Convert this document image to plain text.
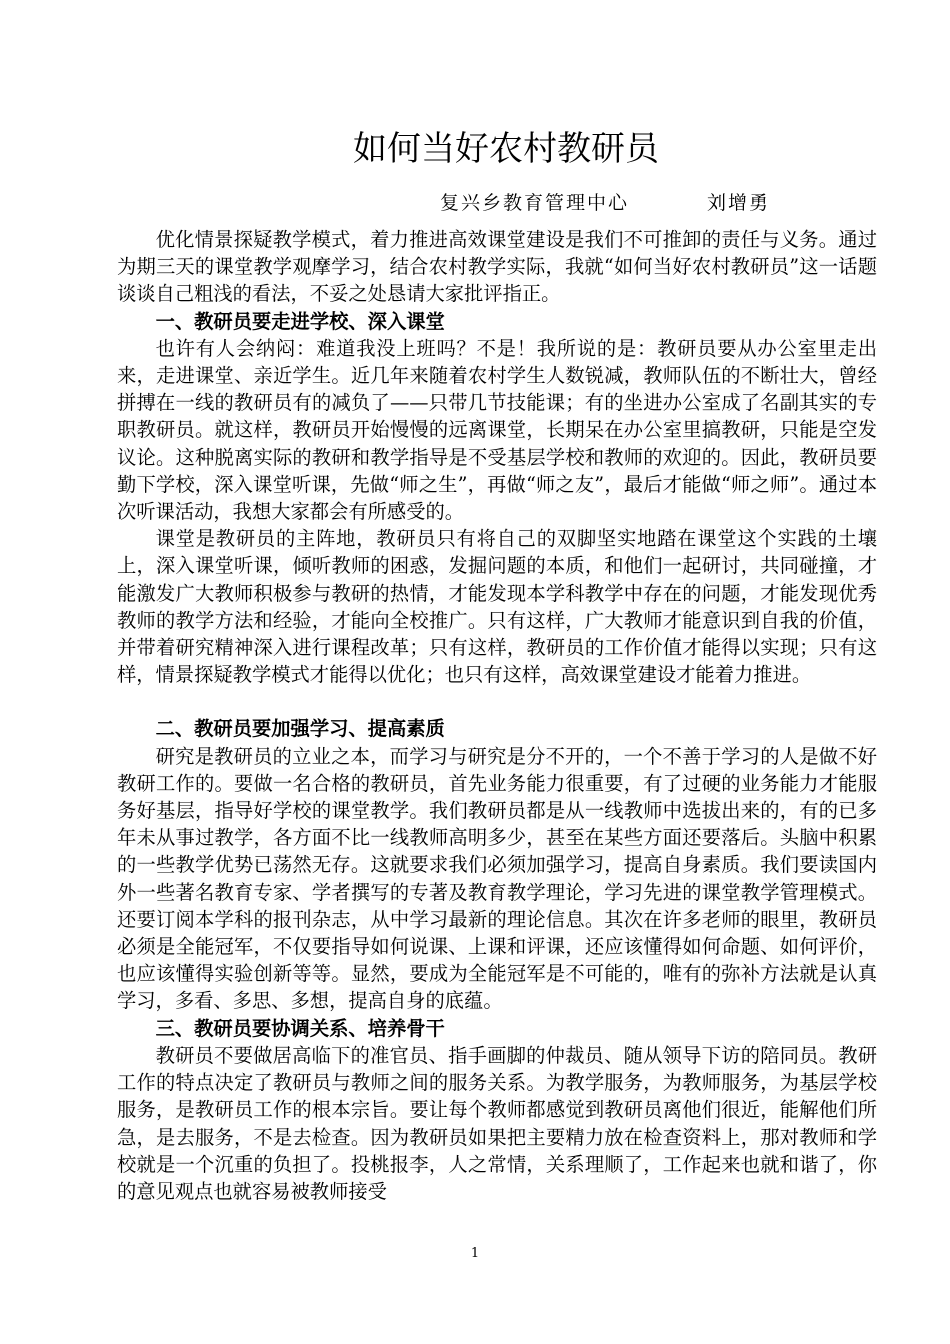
如何当好农村教研员
复兴乡教育管理中心	刘增勇

优化情景探疑教学模式，着力推进高效课堂建设是我们不可推卸的责任与义务。通过为期三天的课堂教学观摩学习，结合农村教学实际，我就“如何当好农村教研员”这一话题谈谈自己粗浅的看法，不妥之处恳请大家批评指正。

一、教研员要走进学校、深入课堂

也许有人会纳闷：难道我没上班吗？不是！我所说的是：教研员要从办公室里走出来，走进课堂、亲近学生。近几年来随着农村学生人数锐减，教师队伍的不断壮大，曾经拼搏在一线的教研员有的减负了——只带几节技能课；有的坐进办公室成了名副其实的专职教研员。就这样，教研员开始慢慢的远离课堂，长期呆在办公室里搞教研，只能是空发议论。这种脱离实际的教研和教学指导是不受基层学校和教师的欢迎的。因此，教研员要勤下学校，深入课堂听课，先做“师之生”，再做“师之友”，最后才能做“师之师”。通过本次听课活动，我想大家都会有所感受的。

课堂是教研员的主阵地，教研员只有将自己的双脚坚实地踏在课堂这个实践的土壤上，深入课堂听课，倾听教师的困惑，发掘问题的本质，和他们一起研讨，共同碰撞，才能激发广大教师积极参与教研的热情，才能发现本学科教学中存在的问题，才能发现优秀教师的教学方法和经验，才能向全校推广。只有这样，广大教师才能意识到自我的价值，并带着研究精神深入进行课程改革；只有这样，教研员的工作价值才能得以实现；只有这样，情景探疑教学模式才能得以优化；也只有这样，高效课堂建设才能着力推进。

二、教研员要加强学习、提高素质

研究是教研员的立业之本，而学习与研究是分不开的，一个不善于学习的人是做不好教研工作的。要做一名合格的教研员，首先业务能力很重要，有了过硬的业务能力才能服务好基层，指导好学校的课堂教学。我们教研员都是从一线教师中选拔出来的，有的已多年未从事过教学，各方面不比一线教师高明多少，甚至在某些方面还要落后。头脑中积累的一些教学优势已荡然无存。这就要求我们必须加强学习，提高自身素质。我们要读国内外一些著名教育专家、学者撰写的专著及教育教学理论，学习先进的课堂教学管理模式。还要订阅本学科的报刊杂志，从中学习最新的理论信息。其次在许多老师的眼里，教研员必须是全能冠军，不仅要指导如何说课、上课和评课，还应该懂得如何命题、如何评价，也应该懂得实验创新等等。显然，要成为全能冠军是不可能的，唯有的弥补方法就是认真学习，多看、多思、多想，提高自身的底蕴。

三、教研员要协调关系、培养骨干

教研员不要做居高临下的准官员、指手画脚的仲裁员、随从领导下访的陪同员。教研工作的特点决定了教研员与教师之间的服务关系。为教学服务，为教师服务，为基层学校服务，是教研员工作的根本宗旨。要让每个教师都感觉到教研员离他们很近，能解他们所急，是去服务，不是去检查。因为教研员如果把主要精力放在检查资料上，那对教师和学校就是一个沉重的负担了。投桃报李，人之常情，关系理顺了，工作起来也就和谐了，你的意见观点也就容易被教师接受

1
